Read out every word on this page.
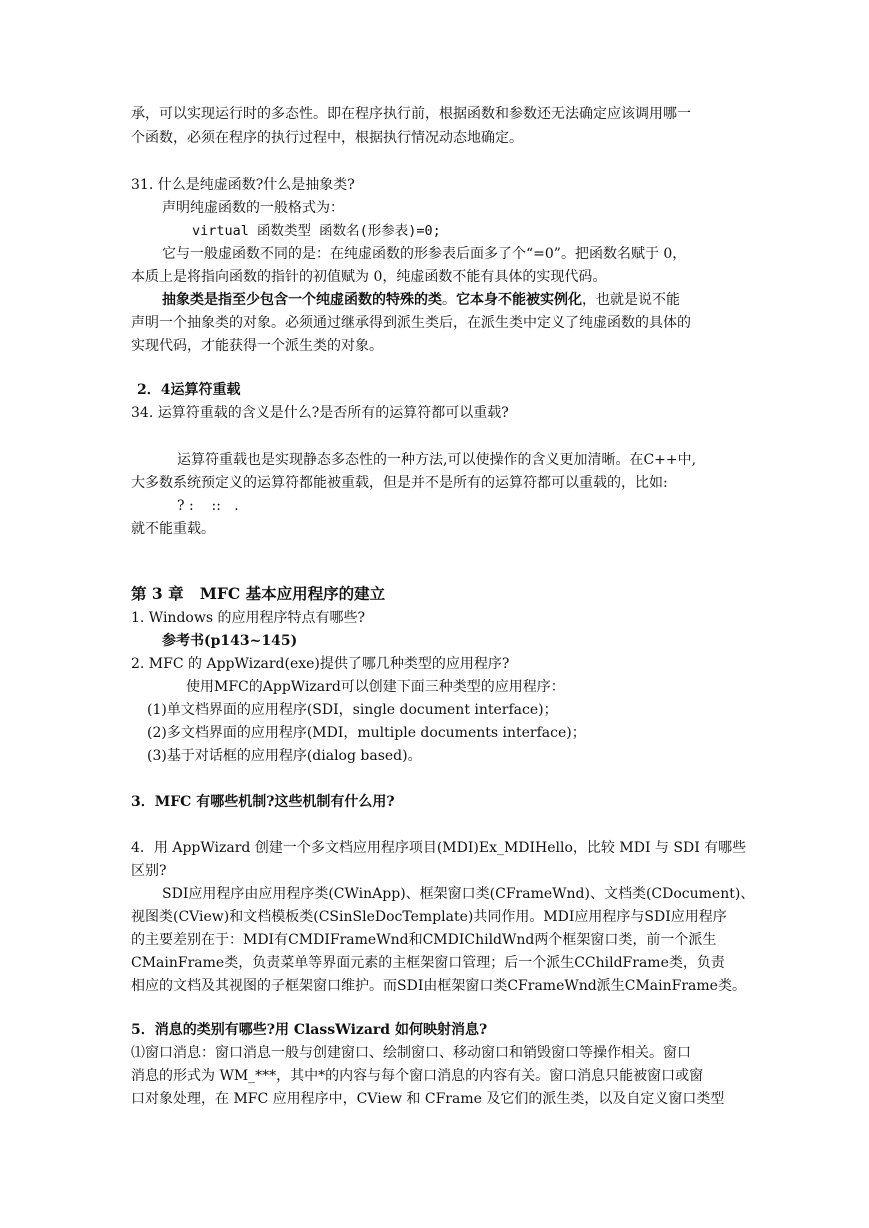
承，可以实现运行时的多态性。即在程序执行前，根据函数和参数还无法确定应该调用哪一

个函数，必须在程序的执行过程中，根据执行情况动态地确定。

31. 什么是纯虚函数?什么是抽象类?

声明纯虚函数的一般格式为：

virtual 函数类型 函数名(形参表)=0;

它与一般虚函数不同的是：在纯虚函数的形参表后面多了个“=0”。把函数名赋于 0，

本质上是将指向函数的指针的初值赋为 0，纯虚函数不能有具体的实现代码。

抽象类是指至少包含一个纯虚函数的特殊的类。它本身不能被实例化，也就是说不能

声明一个抽象类的对象。必须通过继承得到派生类后，在派生类中定义了纯虚函数的具体的

实现代码，才能获得一个派生类的对象。

2．4运算符重载

34. 运算符重载的含义是什么?是否所有的运算符都可以重载?

运算符重载也是实现静态多态性的一种方法,可以使操作的含义更加清晰。在C++中,

大多数系统预定义的运算符都能被重载，但是并不是所有的运算符都可以重载的，比如:

? :    ::   .

就不能重载。

第 3 章   MFC 基本应用程序的建立

1. Windows 的应用程序特点有哪些?

参考书(p143~145)

2. MFC 的 AppWizard(exe)提供了哪几种类型的应用程序?

使用MFC的AppWizard可以创建下面三种类型的应用程序：

(1)单文档界面的应用程序(SDI，single document interface)；

(2)多文档界面的应用程序(MDI，multiple documents interface)；

(3)基于对话框的应用程序(dialog based)。

3．MFC 有哪些机制?这些机制有什么用?

4．用 AppWizard 创建一个多文档应用程序项目(MDI)Ex_MDIHello，比较 MDI 与 SDI 有哪些

区别?

SDI应用程序由应用程序类(CWinApp)、框架窗口类(CFrameWnd)、文档类(CDocument)、

视图类(CView)和文档模板类(CSinSleDocTemplate)共同作用。MDI应用程序与SDI应用程序

的主要差别在于：MDI有CMDIFrameWnd和CMDIChildWnd两个框架窗口类，前一个派生

CMainFrame类，负责菜单等界面元素的主框架窗口管理；后一个派生CChildFrame类，负责

相应的文档及其视图的子框架窗口维护。而SDI由框架窗口类CFrameWnd派生CMainFrame类。

5．消息的类别有哪些?用 ClassWizard 如何映射消息?

⑴窗口消息：窗口消息一般与创建窗口、绘制窗口、移动窗口和销毁窗口等操作相关。窗口

消息的形式为 WM_***，其中*的内容与每个窗口消息的内容有关。窗口消息只能被窗口或窗

口对象处理，在 MFC 应用程序中，CView 和 CFrame 及它们的派生类，以及自定义窗口类型
